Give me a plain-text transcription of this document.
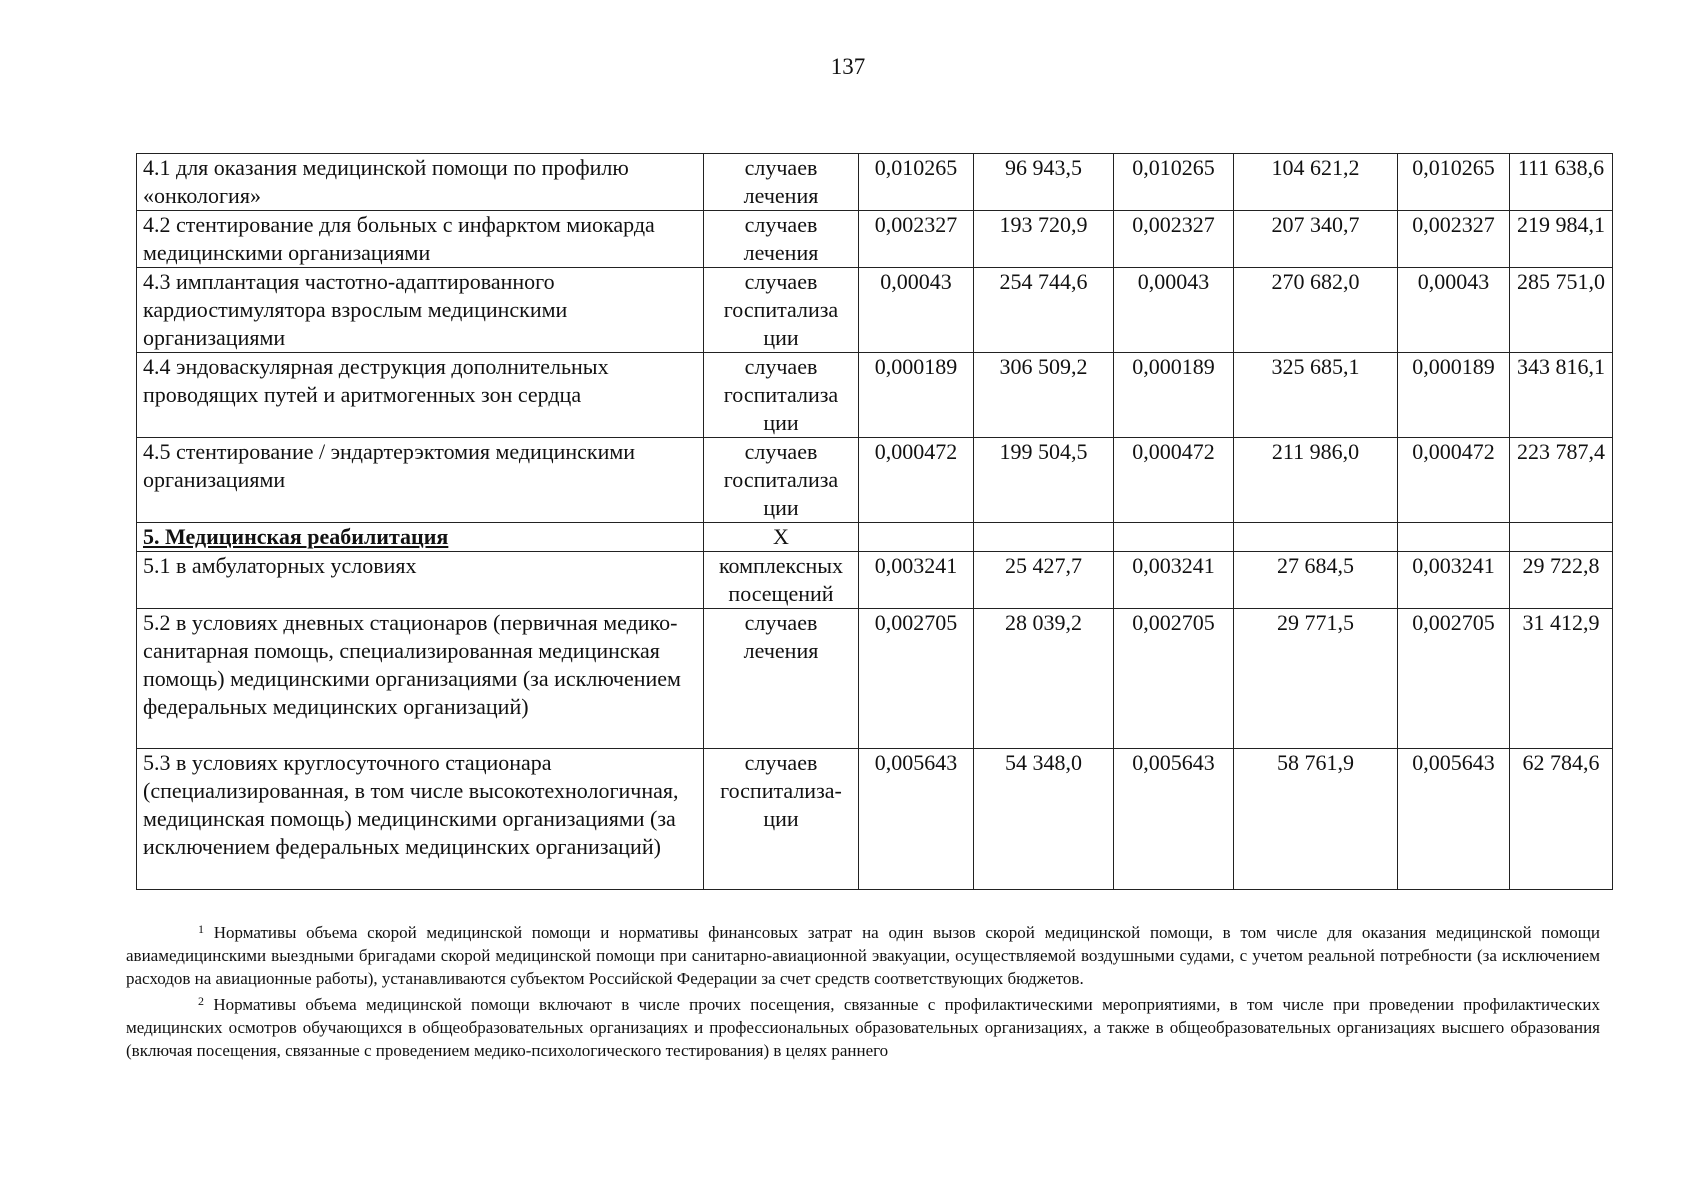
137
4.1 для оказания медицинской помощи по профилю «онкология»	случаев лечения	0,010265	96 943,5	0,010265	104 621,2	0,010265	111 638,6
4.2 стентирование для больных с инфарктом миокарда медицинскими организациями	случаев лечения	0,002327	193 720,9	0,002327	207 340,7	0,002327	219 984,1
4.3 имплантация частотно-адаптированного кардиостимулятора взрослым медицинскими организациями	случаев госпитализа ции	0,00043	254 744,6	0,00043	270 682,0	0,00043	285 751,0
4.4 эндоваскулярная деструкция дополнительных проводящих путей и аритмогенных зон сердца	случаев госпитализа ции	0,000189	306 509,2	0,000189	325 685,1	0,000189	343 816,1
4.5 стентирование / эндартерэктомия медицинскими организациями	случаев госпитализа ции	0,000472	199 504,5	0,000472	211 986,0	0,000472	223 787,4
5. Медицинская реабилитация	X						
5.1 в амбулаторных условиях	комплексных посещений	0,003241	25 427,7	0,003241	27 684,5	0,003241	29 722,8
5.2 в условиях дневных стационаров (первичная медико-санитарная помощь, специализированная медицинская помощь) медицинскими организациями (за исключением федеральных медицинских организаций)	случаев лечения	0,002705	28 039,2	0,002705	29 771,5	0,002705	31 412,9
5.3 в условиях круглосуточного стационара (специализированная, в том числе высокотехнологичная, медицинская помощь) медицинскими организациями (за исключением федеральных медицинских организаций)	случаев госпитализа- ции	0,005643	54 348,0	0,005643	58 761,9	0,005643	62 784,6

$^1$ Нормативы объема скорой медицинской помощи и нормативы финансовых затрат на один вызов скорой медицинской помощи, в том числе для оказания медицинской помощи авиамедицинскими выездными бригадами скорой медицинской помощи при санитарно-авиационной эвакуации, осуществляемой воздушными судами, с учетом реальной потребности (за исключением расходов на авиационные работы), устанавливаются субъектом Российской Федерации за счет средств соответствующих бюджетов.

$^2$ Нормативы объема медицинской помощи включают в числе прочих посещения, связанные с профилактическими мероприятиями, в том числе при проведении профилактических медицинских осмотров обучающихся в общеобразовательных организациях и профессиональных образовательных организациях, а также в общеобразовательных организациях высшего образования (включая посещения, связанные с проведением медико-психологического тестирования) в целях раннего
